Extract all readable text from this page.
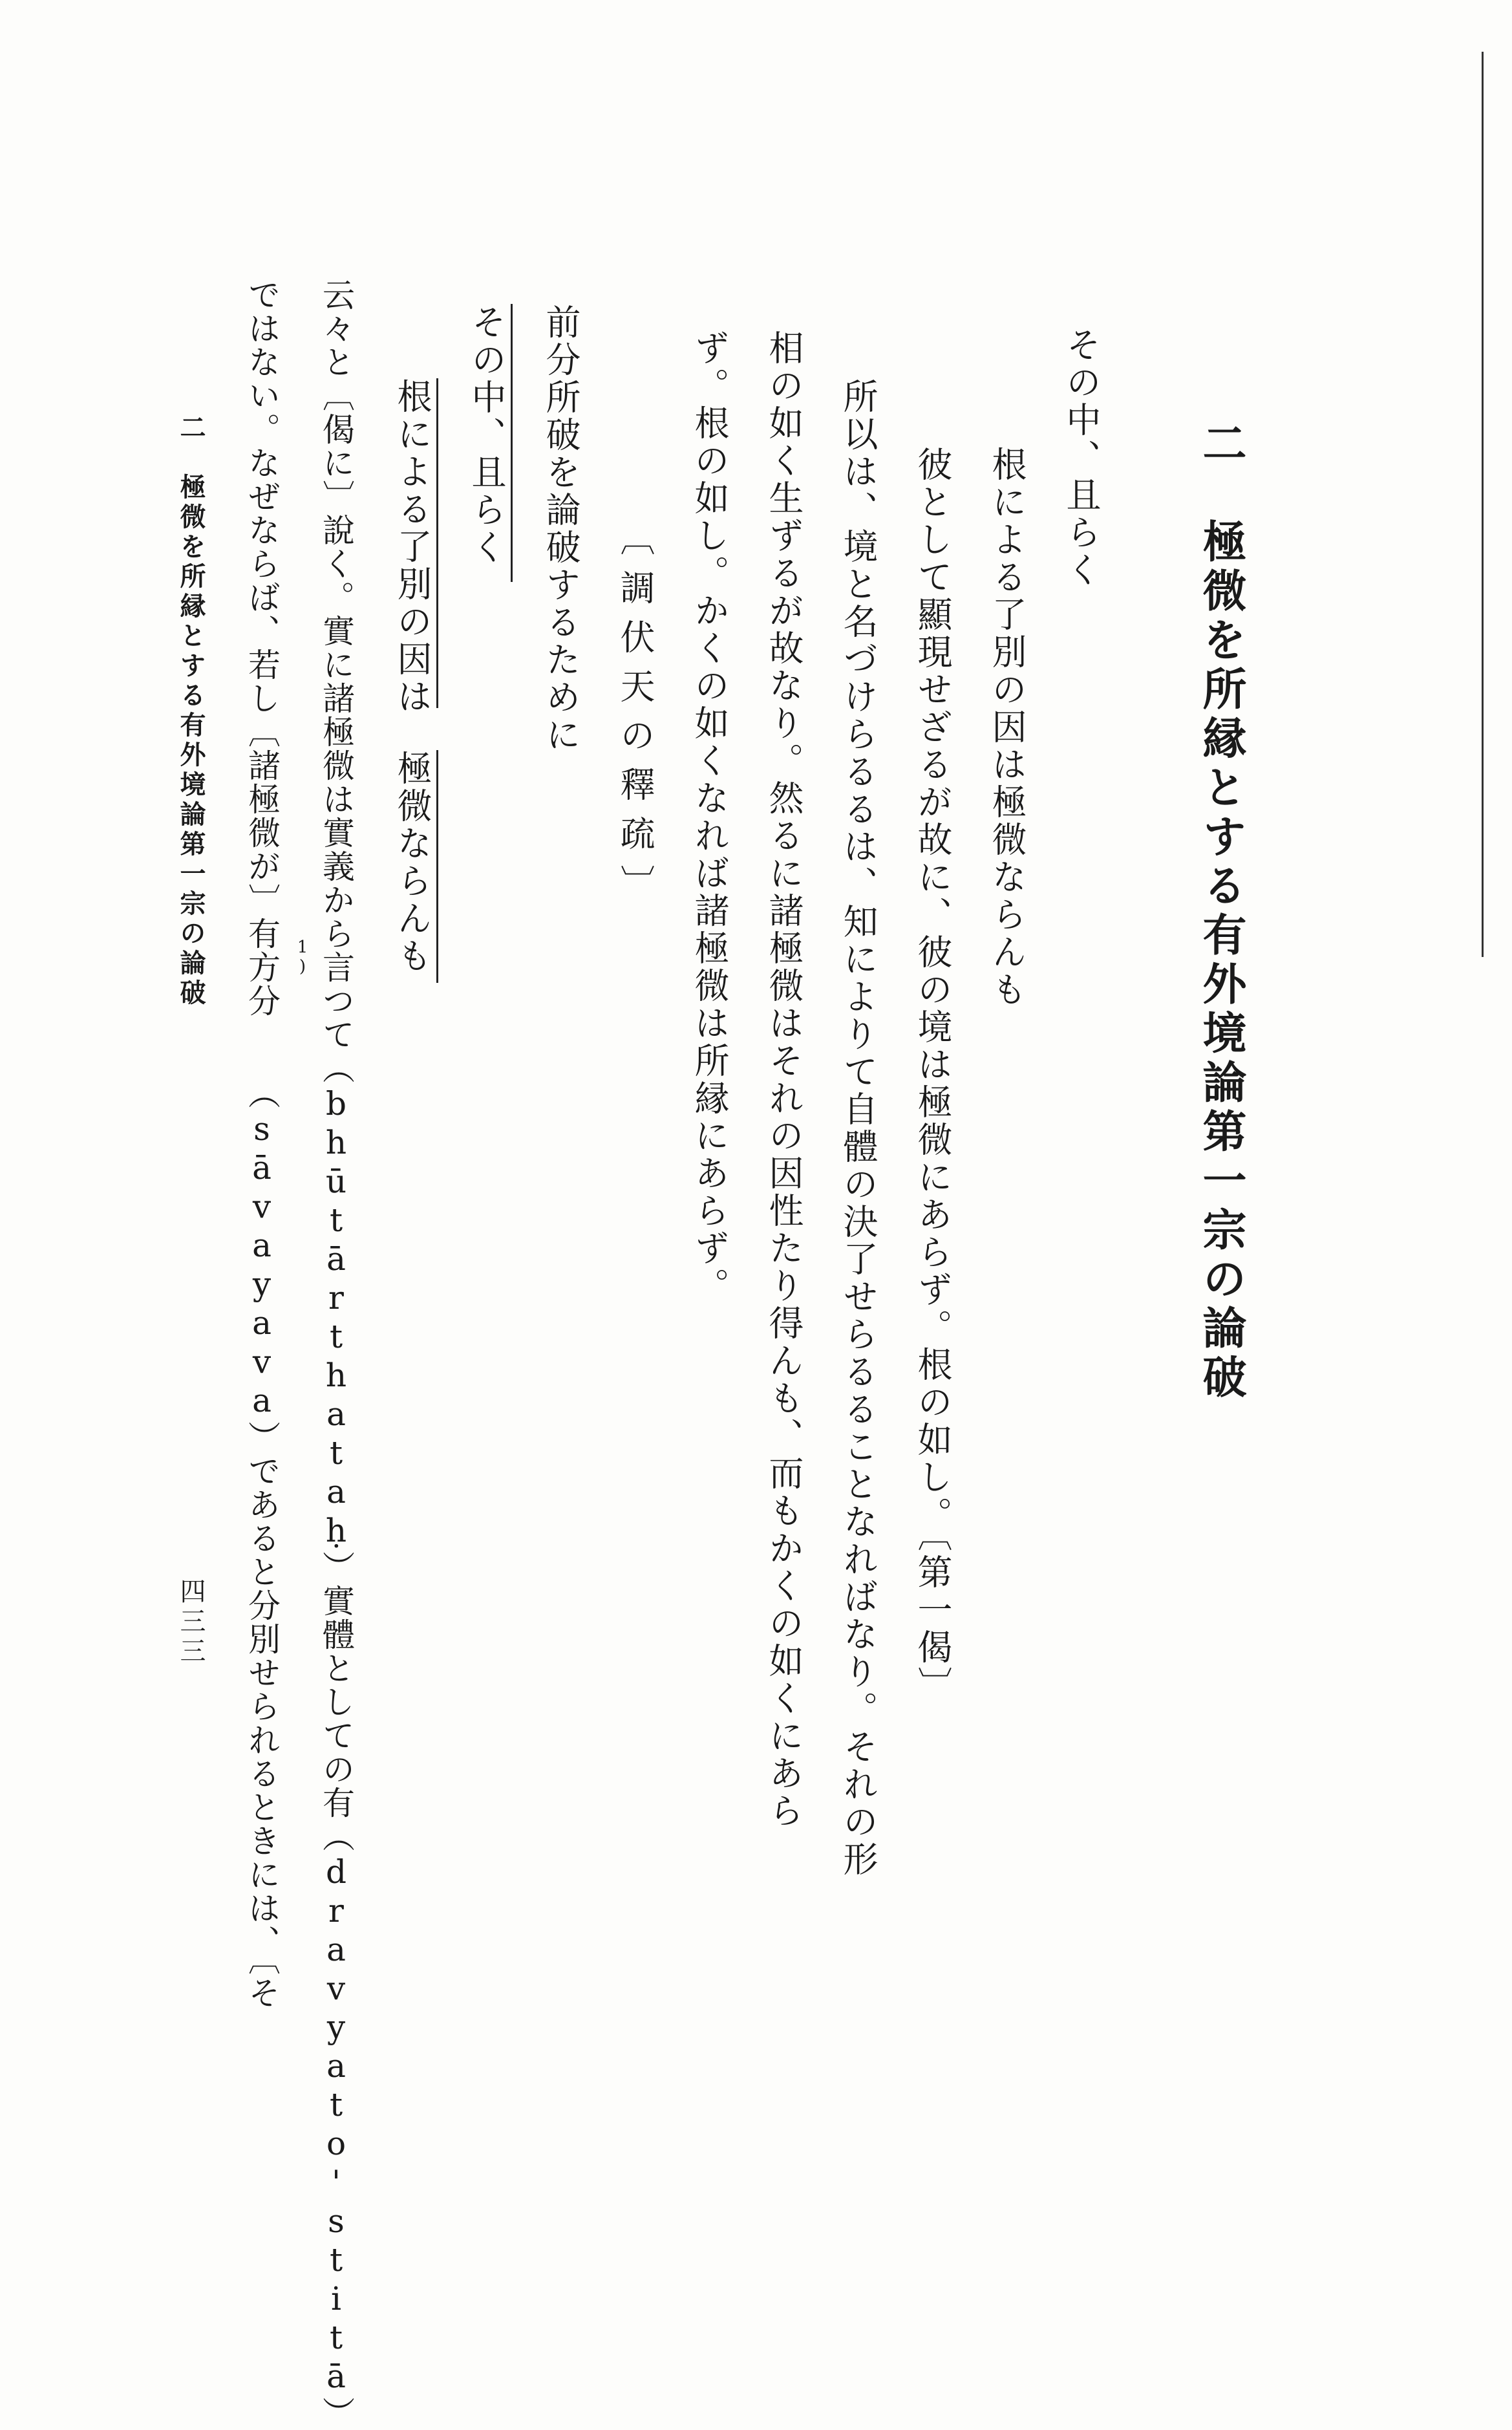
二　極微を所縁とする有外境論第一宗の論破
その中、且らく
根による了別の因は極微ならんも
彼として顯現せざるが故に、彼の境は極微にあらず。根の如し。〔第一偈〕
所以は、境と名づけらるるは、知によりて自體の決了せらるることなればなり。それの形
相の如く生ずるが故なり。然るに諸極微はそれの因性たり得んも、而もかくの如くにあら
ず。根の如し。かくの如くなれば諸極微は所縁にあらず。
〔調伏天の釋疏〕
前分所破を論破するために
その中、且らく
根による了別の因は
極微ならんも
云々と〔偈に〕說く。實に諸極微は實義から言つて（bhūtārthataḥ）實體としての有（dravyato'stitā）
ではない。なぜならば、若し〔諸極微が〕有方分 1)
（sāvayava）であると分別せられるときには、〔そ
二　極微を所縁とする有外境論第一宗の論破
四三三
